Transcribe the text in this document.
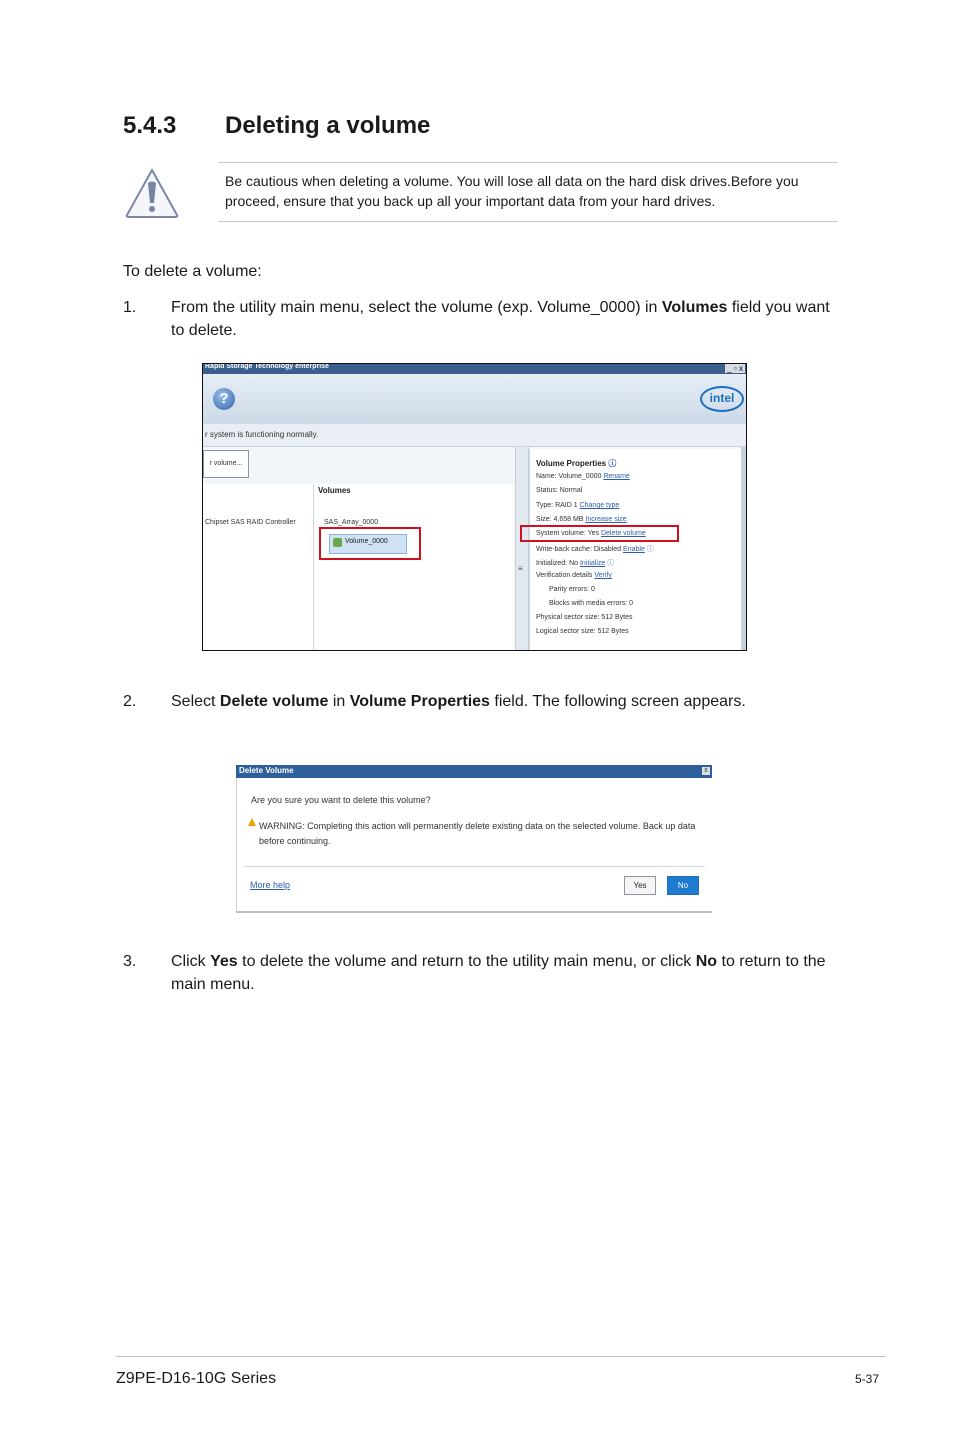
5.4.3 Deleting a volume
Be cautious when deleting a volume. You will lose all data on the hard disk drives.Before you proceed, ensure that you back up all your important data from your hard drives.
To delete a volume:
1. From the utility main menu, select the volume (exp. Volume_0000) in Volumes field you want to delete.
Rapid Storage Technology enterprise	_ ▫ x
?	intel
r system is functioning normally.
r volume...
Chipset SAS RAID Controller
Volumes
SAS_Array_0000
Volume_0000
≡
Volume Properties ⓘ
Name: Volume_0000 Rename
Status: Normal
Type: RAID 1 Change type
Size: 4,658 MB Increase size
System volume: Yes Delete volume
Write-back cache: Disabled Enable ⓘ
Initialized: No Initialize ⓘ
Verification details Verify
Parity errors: 0
Blocks with media errors: 0
Physical sector size: 512 Bytes
Logical sector size: 512 Bytes
2. Select Delete volume in Volume Properties field. The following screen appears.
Delete Volume	x
Are you sure you want to delete this volume?
WARNING: Completing this action will permanently delete existing data on the selected volume. Back up data before continuing.
More help	Yes	No
3. Click Yes to delete the volume and return to the utility main menu, or click No to return to the main menu.
Z9PE-D16-10G Series	5-37
